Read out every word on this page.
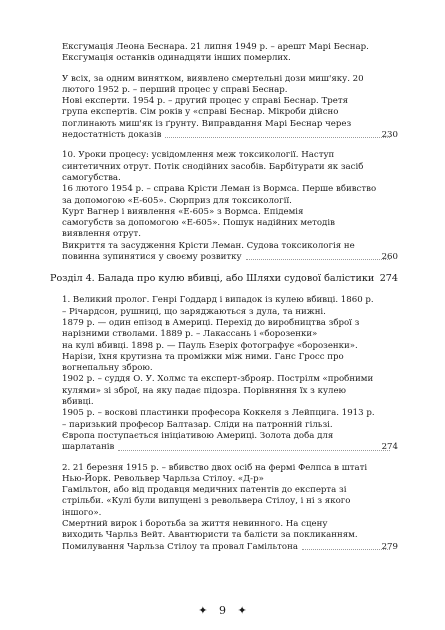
Ексгумація Леона Беснара. 21 липня 1949 р. – арешт Марі Беснар.
Ексгумація останків одинадцяти інших померлих.
У всіх, за одним винятком, виявлено смертельні дози миш'яку. 20
лютого 1952 р. – перший процес у справі Беснар.
Нові експерти. 1954 р. – другий процес у справі Беснар. Третя
група експертів. Сім років у «справі Беснар. Мікроби дійсно
поглинають миш'як із ґрунту. Виправдання Марі Беснар через
недостатність доказів	230
10. Уроки процесу: усвідомлення меж токсикології. Наступ
синтетичних отрут. Потік снодійних засобів. Барбітурати як засіб
самогубства.
16 лютого 1954 р. – справа Крісти Леман із Вормса. Перше вбивство
за допомогою «Е-605». Сюрприз для токсикології.
Курт Вагнер і виявлення «Е-605» з Вормса. Епідемія
самогубств за допомогою «Е-605». Пошук надійних методів
виявлення отрут.
Викриття та засудження Крісти Леман. Судова токсикологія не
повинна зупинятися у своєму розвитку	260
Розділ 4. Балада про кулю вбивці, або Шляхи судової балістики 274
1. Великий пролог. Генрі Годдард і випадок із кулею вбивці. 1860 р.
– Річардсон, рушниці, що заряджаються з дула, та нижні.
1879 р. — один епізод в Америці. Перехід до виробництва зброї з
нарізними стволами. 1889 р. – Лакассань і «борозенки»
на кулі вбивці. 1898 р. — Пауль Езеріх фотографує «борозенки».
Нарізи, їхня крутизна та проміжки між ними. Ганс Гросс про
вогнепальну зброю.
1902 р. – суддя О. У. Холмс та експерт-зброяр. Пострілм «пробними
кулями» зі зброї, на яку падає підозра. Порівняння їх з кулею
вбивці.
1905 р. – воскові пластинки професора Коккеля з Лейпцига. 1913 р.
– паризький професор Балтазар. Сліди на патронній гільзі.
Європа поступається ініціативою Америці. Золота доба для
шарлатанів	274
2. 21 березня 1915 р. – вбивство двох осіб на фермі Фелпса в штаті
Нью-Йорк. Револьвер Чарльза Стілоу. «Д-р»
Гамільтон, або від продавця медичних патентів до експерта зі
стрільби. «Кулі були випущені з револьвера Стілоу, і ні з якого
іншого».
Смертний вирок і боротьба за життя невинного. На сцену
виходить Чарльз Вейт. Авантюристи та балісти за покликанням.
Помилування Чарльза Стілоу та провал Гамільтона	279
✦ 9 ✦
